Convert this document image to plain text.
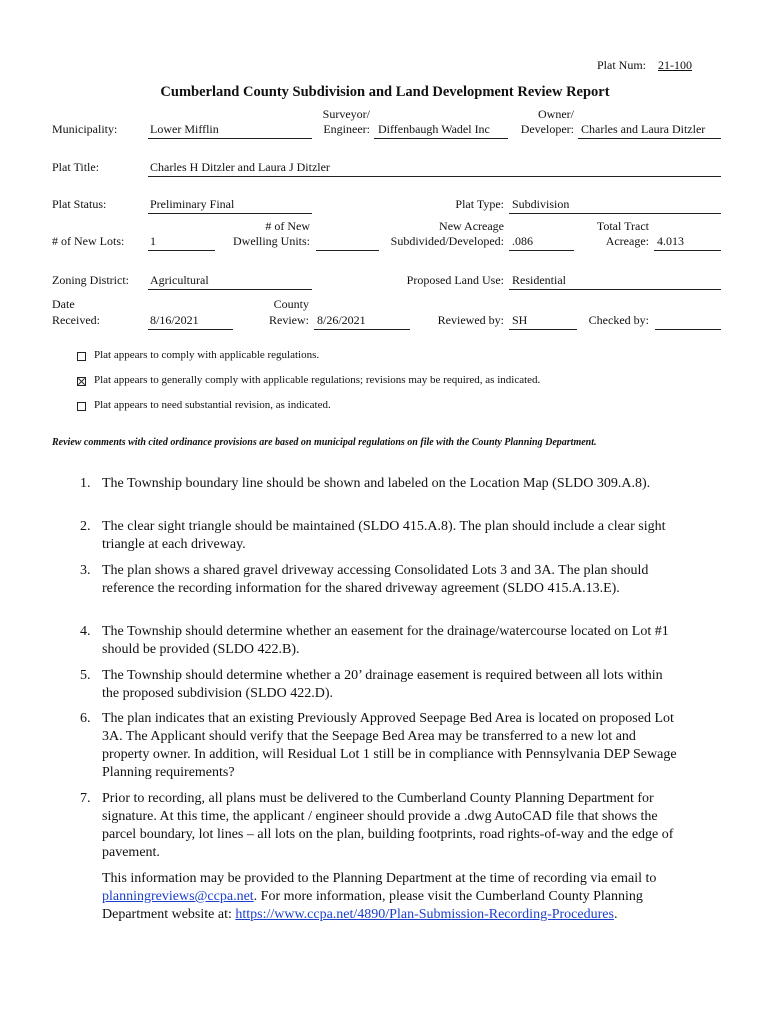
Plat Num: 21-100
Cumberland County Subdivision and Land Development Review Report
Municipality:	Lower Mifflin
Surveyor/
Engineer: Diffenbaugh Wadel Inc
Owner/
Developer: Charles and Laura Ditzler
Plat Title:	Charles H Ditzler and Laura J Ditzler
Plat Status:	Preliminary Final	Plat Type: Subdivision
# of New Lots: 1
# of New
Dwelling Units:
New Acreage
Subdivided/Developed: .086
Total Tract
Acreage: 4.013
Zoning District: Agricultural	Proposed Land Use: Residential
Date
Received:	8/16/2021
County
Review: 8/26/2021	Reviewed by: SH	Checked by:
Plat appears to comply with applicable regulations.
Plat appears to generally comply with applicable regulations; revisions may be required, as indicated.
Plat appears to need substantial revision, as indicated.
Review comments with cited ordinance provisions are based on municipal regulations on file with the County Planning Department.
1. The Township boundary line should be shown and labeled on the Location Map (SLDO 309.A.8).
2. The clear sight triangle should be maintained (SLDO 415.A.8). The plan should include a clear sight triangle at each driveway.
3. The plan shows a shared gravel driveway accessing Consolidated Lots 3 and 3A. The plan should reference the recording information for the shared driveway agreement (SLDO 415.A.13.E).
4. The Township should determine whether an easement for the drainage/watercourse located on Lot #1 should be provided (SLDO 422.B).
5. The Township should determine whether a 20’ drainage easement is required between all lots within the proposed subdivision (SLDO 422.D).
6. The plan indicates that an existing Previously Approved Seepage Bed Area is located on proposed Lot 3A. The Applicant should verify that the Seepage Bed Area may be transferred to a new lot and property owner. In addition, will Residual Lot 1 still be in compliance with Pennsylvania DEP Sewage Planning requirements?
7. Prior to recording, all plans must be delivered to the Cumberland County Planning Department for signature. At this time, the applicant / engineer should provide a .dwg AutoCAD file that shows the parcel boundary, lot lines – all lots on the plan, building footprints, road rights-of-way and the edge of pavement.
This information may be provided to the Planning Department at the time of recording via email to planningreviews@ccpa.net. For more information, please visit the Cumberland County Planning Department website at: https://www.ccpa.net/4890/Plan-Submission-Recording-Procedures.
